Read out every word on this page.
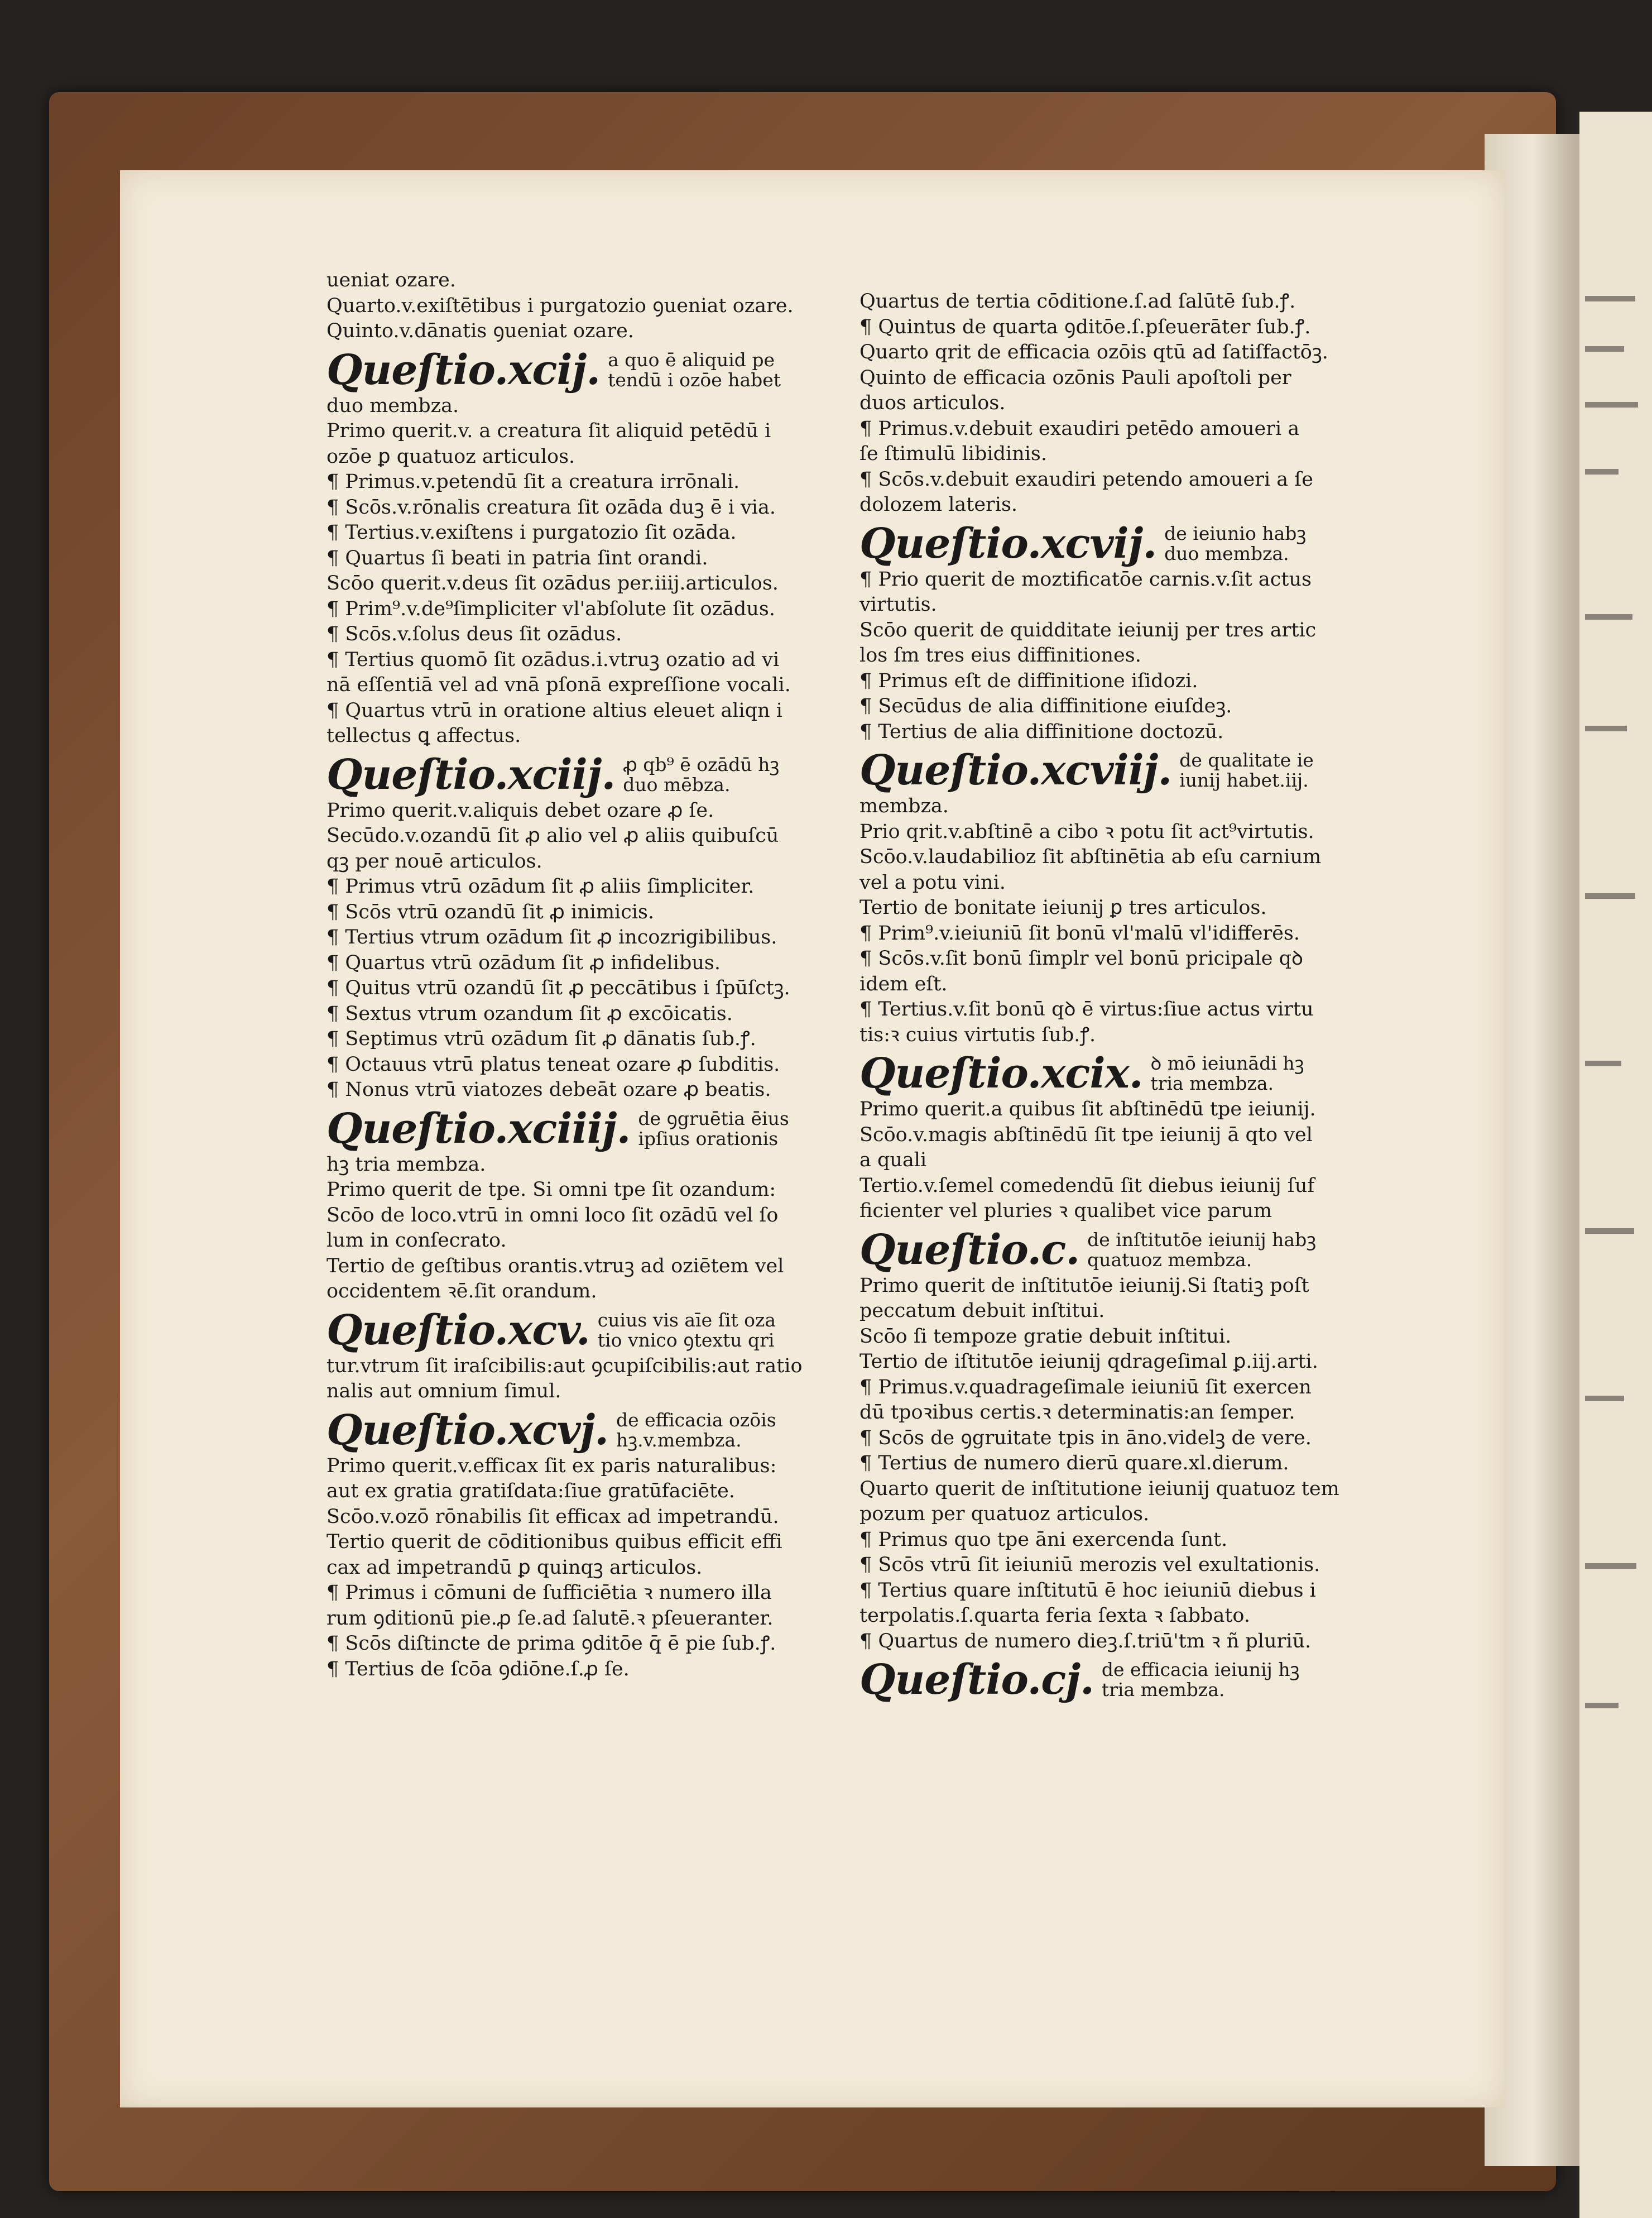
ueniat ozare.
Quarto.v.exiſtētibus i purgatozio ꝯueniat ozare.
Quinto.v.dānatis ꝯueniat ozare.
Queſtio.xcij. a quo ē aliquid pe
tendū i ozōe habet
duo membza.
Primo querit.v. a creatura ſit aliquid petēdū i
ozōe ꝑ quatuoz articulos.
¶ Primus.v.petendū ſit a creatura irrōnali.
¶ Scōs.v.rōnalis creatura ſit ozāda duꝫ ē i via.
¶ Tertius.v.exiſtens i purgatozio ſit ozāda.
¶ Quartus ſi beati in patria ſint orandi.
Scōo querit.v.deus ſit ozādus per.iiij.articulos.
¶ Prim⁹.v.de⁹ſimpliciter vl'abſolute ſit ozādus.
¶ Scōs.v.ſolus deus ſit ozādus.
¶ Tertius quomō ſit ozādus.i.vtruꝫ ozatio ad vi
nā eſſentiā vel ad vnā pſonā expreſſione vocali.
¶ Quartus vtrū in oratione altius eleuet aliqn i
tellectus ꝗ affectus.
Queſtio.xciij. ꝓ qb⁹ ē ozādū hꝫ
duo mēbza.
Primo querit.v.aliquis debet ozare ꝓ ſe.
Secūdo.v.ozandū ſit ꝓ alio vel ꝓ aliis quibuſcū
qꝫ per nouē articulos.
¶ Primus vtrū ozādum ſit ꝓ aliis ſimpliciter.
¶ Scōs vtrū ozandū ſit ꝓ inimicis.
¶ Tertius vtrum ozādum ſit ꝓ incozrigibilibus.
¶ Quartus vtrū ozādum ſit ꝓ infidelibus.
¶ Quitus vtrū ozandū ſit ꝓ peccātibus i ſpūſctꝫ.
¶ Sextus vtrum ozandum ſit ꝓ excōicatis.
¶ Septimus vtrū ozādum ſit ꝓ dānatis ſub.ꝭ.
¶ Octauus vtrū platus teneat ozare ꝓ ſubditis.
¶ Nonus vtrū viatozes debeāt ozare ꝓ beatis.
Queſtio.xciiij. de ꝯgruētia ēius
ipſius orationis
hꝫ tria membza.
Primo querit de tpe. Si omni tpe ſit ozandum:
Scōo de loco.vtrū in omni loco ſit ozādū vel ſo
lum in conſecrato.
Tertio de geſtibus orantis.vtruꝫ ad oziētem vel
occidentem ꝛē.ſit orandum.
Queſtio.xcv. cuius vis aīe ſit oza
tio vnico ꝯtextu qri
tur.vtrum ſit iraſcibilis:aut ꝯcupiſcibilis:aut ratio
nalis aut omnium ſimul.
Queſtio.xcvj. de efficacia ozōis
hꝫ.v.membza.
Primo querit.v.efficax ſit ex paris naturalibus:
aut ex gratia gratiſdata:ſiue gratūfaciēte.
Scōo.v.ozō rōnabilis ſit efficax ad impetrandū.
Tertio querit de cōditionibus quibus efficit effi
cax ad impetrandū ꝑ quinqꝫ articulos.
¶ Primus i cōmuni de ſufficiētia ꝛ numero illa
rum ꝯditionū pie.ꝓ ſe.ad ſalutē.ꝛ pſeueranter.
¶ Scōs diſtincte de prima ꝯditōe q̄ ē pie ſub.ꝭ.
¶ Tertius de ſcōa ꝯdiōne.ſ.ꝓ ſe.
Quartus de tertia cōditione.ſ.ad ſalūtē ſub.ꝭ.
¶ Quintus de quarta ꝯditōe.ſ.pſeuerāter ſub.ꝭ.
Quarto qrit de efficacia ozōis qtū ad ſatiſfactōꝫ.
Quinto de efficacia ozōnis Pauli apoſtoli per
duos articulos.
¶ Primus.v.debuit exaudiri petēdo amoueri a
ſe ſtimulū libidinis.
¶ Scōs.v.debuit exaudiri petendo amoueri a ſe
dolozem lateris.
Queſtio.xcvij. de ieiunio habꝫ
duo membza.
¶ Prio querit de moztificatōe carnis.v.ſit actus
virtutis.
Scōo querit de quidditate ieiunij per tres artic
los ſm tres eius diffinitiones.
¶ Primus eſt de diffinitione iſidozi.
¶ Secūdus de alia diffinitione eiuſdeꝫ.
¶ Tertius de alia diffinitione doctozū.
Queſtio.xcviij. de qualitate ie
iunij habet.iij.
membza.
Prio qrit.v.abſtinē a cibo ꝛ potu ſit act⁹virtutis.
Scōo.v.laudabilioz ſit abſtinētia ab eſu carnium
vel a potu vini.
Tertio de bonitate ieiunij ꝑ tres articulos.
¶ Prim⁹.v.ieiuniū ſit bonū vl'malū vl'idifferēs.
¶ Scōs.v.ſit bonū ſimplr vel bonū pricipale qꝺ
idem eſt.
¶ Tertius.v.ſit bonū qꝺ ē virtus:ſiue actus virtu
tis:ꝛ cuius virtutis ſub.ꝭ.
Queſtio.xcix. ꝺ mō ieiunādi hꝫ
tria membza.
Primo querit.a quibus ſit abſtinēdū tpe ieiunij.
Scōo.v.magis abſtinēdū ſit tpe ieiunij ā qto vel
a quali
Tertio.v.ſemel comedendū ſit diebus ieiunij ſuf
ficienter vel pluries ꝛ qualibet vice parum
Queſtio.c. de inſtitutōe ieiunij habꝫ
quatuoz membza.
Primo querit de inſtitutōe ieiunij.Si ſtatiꝫ poſt
peccatum debuit inſtitui.
Scōo ſi tempoze gratie debuit inſtitui.
Tertio de iſtitutōe ieiunij qdrageſimal ꝑ.iij.arti.
¶ Primus.v.quadrageſimale ieiuniū ſit exercen
dū tpoꝛibus certis.ꝛ determinatis:an ſemper.
¶ Scōs de ꝯgruitate tpis in āno.videlꝫ de vere.
¶ Tertius de numero dierū quare.xl.dierum.
Quarto querit de inſtitutione ieiunij quatuoz tem
pozum per quatuoz articulos.
¶ Primus quo tpe āni exercenda ſunt.
¶ Scōs vtrū ſit ieiuniū merozis vel exultationis.
¶ Tertius quare inſtitutū ē hoc ieiuniū diebus i
terpolatis.ſ.quarta feria ſexta ꝛ ſabbato.
¶ Quartus de numero dieꝫ.ſ.triū'tm ꝛ ñ pluriū.
Queſtio.cj. de efficacia ieiunij hꝫ
tria membza.
